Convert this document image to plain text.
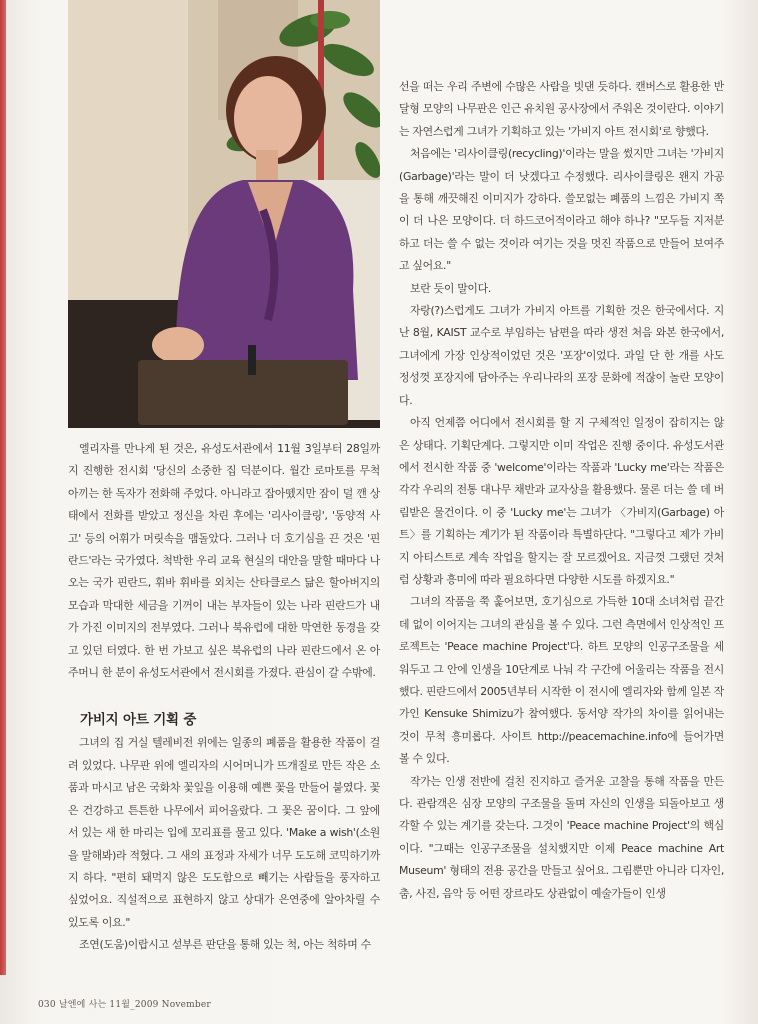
엘리자를 만나게 된 것은, 유성도서관에서 11월 3일부터 28일까지 진행한 전시회 '당신의 소중한 집 덕분이다. 월간 로마토를 무척 아끼는 한 독자가 전화해 주었다. 아니라고 잡아뗐지만 잠이 덜 깬 상태에서 전화를 받았고 정신을 차린 후에는 '리사이클링', '동양적 사고' 등의 어휘가 머릿속을 맴돌았다. 그러나 더 호기심을 끈 것은 '핀란드'라는 국가였다. 척박한 우리 교육 현실의 대안을 말할 때마다 나오는 국가 핀란드, 휘바 휘바를 외치는 산타클로스 닮은 할아버지의 모습과 막대한 세금을 기꺼이 내는 부자들이 있는 나라 핀란드가 내가 가진 이미지의 전부였다. 그러나 북유럽에 대한 막연한 동경을 갖고 있던 터였다. 한 번 가보고 싶은 북유럽의 나라 핀란드에서 온 아주머니 한 분이 유성도서관에서 전시회를 가졌다. 관심이 갈 수밖에.

가비지 아트 기획 중

그녀의 집 거실 텔레비전 위에는 일종의 폐품을 활용한 작품이 걸려 있었다. 나무판 위에 엘리자의 시어머니가 뜨개질로 만든 작은 소품과 마시고 남은 국화차 꽃잎을 이용해 예쁜 꽃을 만들어 붙였다. 꽃은 건강하고 튼튼한 나무에서 피어올랐다. 그 꽃은 꿈이다. 그 앞에 서 있는 새 한 마리는 입에 꼬리표를 물고 있다. 'Make a wish'(소원을 말해봐)라 적혔다. 그 새의 표정과 자세가 너무 도도해 코믹하기까지 하다. "편히 돼먹지 않은 도도함으로 빼기는 사람들을 풍자하고 싶었어요. 직설적으로 표현하지 않고 상대가 은연중에 알아차릴 수 있도록 이요."

조연(도움)이랍시고 섣부른 판단을 통해 있는 척, 아는 척하며 수

선을 떠는 우리 주변에 수많은 사람을 빗댄 듯하다. 캔버스로 활용한 반달형 모양의 나무판은 인근 유치원 공사장에서 주워온 것이란다. 이야기는 자연스럽게 그녀가 기획하고 있는 '가비지 아트 전시회'로 향했다.

처음에는 '리사이클링(recycling)'이라는 말을 썼지만 그녀는 '가비지(Garbage)'라는 말이 더 낫겠다고 수정했다. 리사이클링은 왠지 가공을 통해 깨끗해진 이미지가 강하다. 쓸모없는 폐품의 느낌은 가비지 쪽이 더 나은 모양이다. 더 하드코어적이라고 해야 하나? "모두들 지저분하고 더는 쓸 수 없는 것이라 여기는 것을 멋진 작품으로 만들어 보여주고 싶어요."

보란 듯이 말이다.

자랑(?)스럽게도 그녀가 가비지 아트를 기획한 것은 한국에서다. 지난 8월, KAIST 교수로 부임하는 남편을 따라 생전 처음 와본 한국에서, 그녀에게 가장 인상적이었던 것은 '포장'이었다. 과일 단 한 개를 사도 정성껏 포장지에 담아주는 우리나라의 포장 문화에 적잖이 놀란 모양이다.

아직 언제쯤 어디에서 전시회를 할 지 구체적인 일정이 잡히지는 않은 상태다. 기획단계다. 그렇지만 이미 작업은 진행 중이다. 유성도서관에서 전시한 작품 중 'welcome'이라는 작품과 'Lucky me'라는 작품은 각각 우리의 전통 대나무 채반과 교자상을 활용했다. 물론 더는 쓸 데 버림받은 물건이다. 이 중 'Lucky me'는 그녀가 〈가비지(Garbage) 아트〉를 기획하는 계기가 된 작품이라 특별하단다. "그렇다고 제가 가비지 아티스트로 계속 작업을 할지는 잘 모르겠어요. 지금껏 그랬던 것처럼 상황과 흥미에 따라 필요하다면 다양한 시도를 하겠지요."

그녀의 작품을 쭉 훑어보면, 호기심으로 가득한 10대 소녀처럼 끝간 데 없이 이어지는 그녀의 관심을 볼 수 있다. 그런 측면에서 인상적인 프로젝트는 'Peace machine Project'다. 하트 모양의 인공구조물을 세워두고 그 안에 인생을 10단계로 나눠 각 구간에 어울리는 작품을 전시했다. 핀란드에서 2005년부터 시작한 이 전시에 엘리자와 함께 일본 작가인 Kensuke Shimizu가 참여했다. 동서양 작가의 차이를 읽어내는 것이 무척 흥미롭다. 사이트 http://peacemachine.info에 들어가면 볼 수 있다.

작가는 인생 전반에 걸친 진지하고 즐거운 고찰을 통해 작품을 만든다. 관람객은 심장 모양의 구조물을 돌며 자신의 인생을 되돌아보고 생각할 수 있는 계기를 갖는다. 그것이 'Peace machine Project'의 핵심이다. "그때는 인공구조물을 설치했지만 이제 Peace machine Art Museum' 형태의 전용 공간을 만들고 싶어요. 그림뿐만 아니라 디자인, 춤, 사진, 음악 등 어떤 장르라도 상관없이 예술가들이 인생

030 날엔에 사는 11월_2009 November
